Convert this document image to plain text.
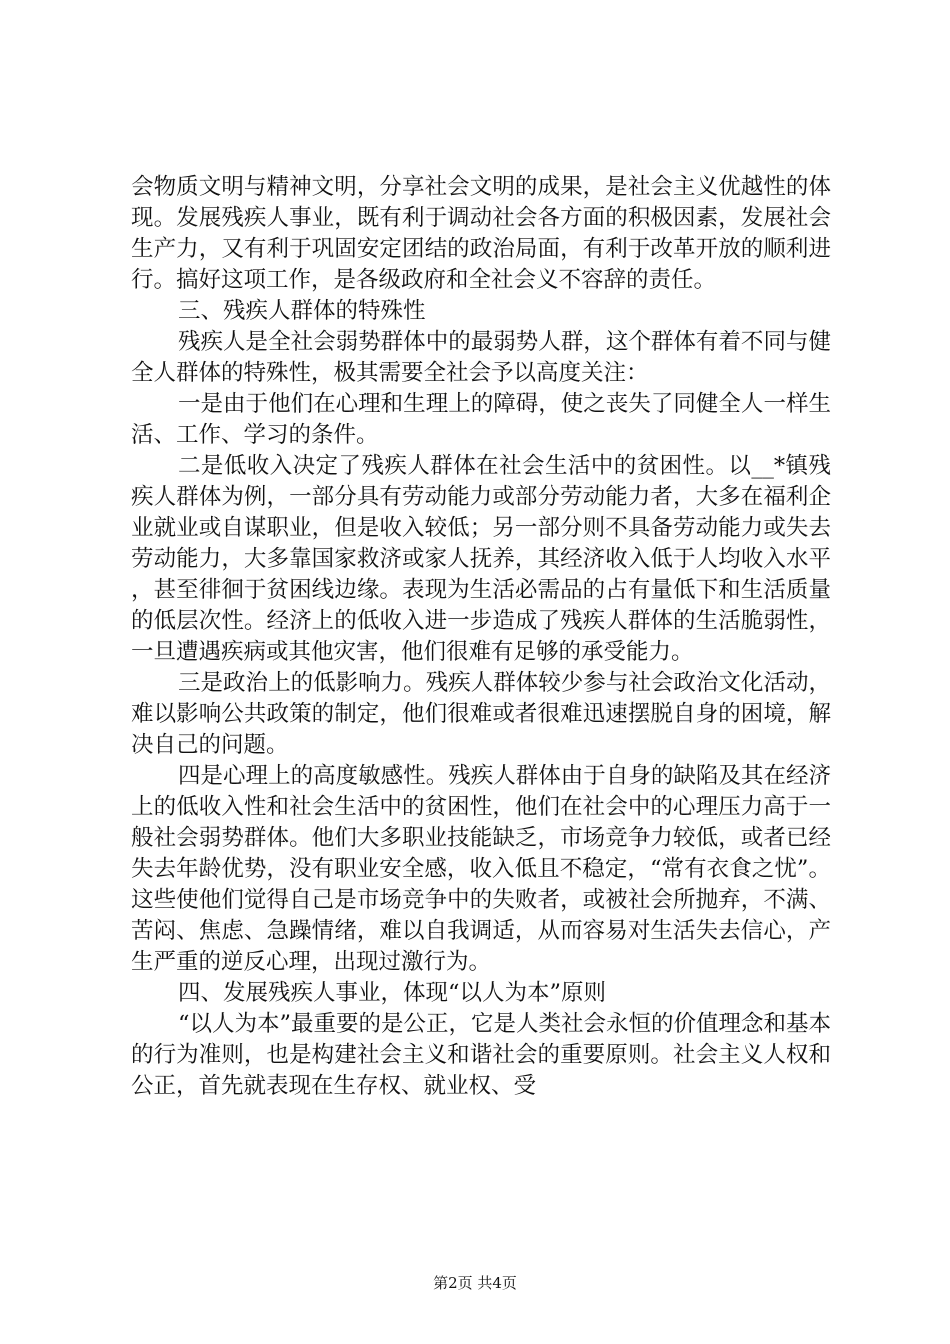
会物质文明与精神文明，分享社会文明的成果，是社会主义优越性的体现。发展残疾人事业，既有利于调动社会各方面的积极因素，发展社会生产力，又有利于巩固安定团结的政治局面，有利于改革开放的顺利进行。搞好这项工作，是各级政府和全社会义不容辞的责任。

三、残疾人群体的特殊性

残疾人是全社会弱势群体中的最弱势人群，这个群体有着不同与健全人群体的特殊性，极其需要全社会予以高度关注：

一是由于他们在心理和生理上的障碍，使之丧失了同健全人一样生活、工作、学习的条件。

二是低收入决定了残疾人群体在社会生活中的贫困性。以__*镇残疾人群体为例，一部分具有劳动能力或部分劳动能力者，大多在福利企业就业或自谋职业，但是收入较低；另一部分则不具备劳动能力或失去劳动能力，大多靠国家救济或家人抚养，其经济收入低于人均收入水平，甚至徘徊于贫困线边缘。表现为生活必需品的占有量低下和生活质量的低层次性。经济上的低收入进一步造成了残疾人群体的生活脆弱性，一旦遭遇疾病或其他灾害，他们很难有足够的承受能力。

三是政治上的低影响力。残疾人群体较少参与社会政治文化活动，难以影响公共政策的制定，他们很难或者很难迅速摆脱自身的困境，解决自己的问题。

四是心理上的高度敏感性。残疾人群体由于自身的缺陷及其在经济上的低收入性和社会生活中的贫困性，他们在社会中的心理压力高于一般社会弱势群体。他们大多职业技能缺乏，市场竞争力较低，或者已经失去年龄优势，没有职业安全感，收入低且不稳定，“常有衣食之忧”。这些使他们觉得自己是市场竞争中的失败者，或被社会所抛弃，不满、苦闷、焦虑、急躁情绪，难以自我调适，从而容易对生活失去信心，产生严重的逆反心理，出现过激行为。

四、发展残疾人事业，体现“以人为本”原则

“以人为本”最重要的是公正，它是人类社会永恒的价值理念和基本的行为准则，也是构建社会主义和谐社会的重要原则。社会主义人权和公正，首先就表现在生存权、就业权、受

第2页 共4页
